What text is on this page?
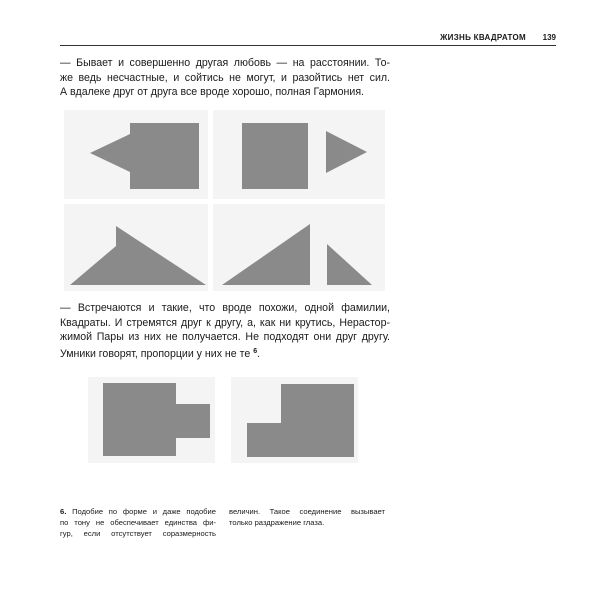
ЖИЗНЬ КВАДРАТОМ 139

— Бывает и совершенно другая любовь — на расстоянии. То-
же ведь несчастные, и сойтись не могут, и разойтись нет сил.
А вдалеке друг от друга все вроде хорошо, полная Гармония.

— Встречаются и такие, что вроде похожи, одной фамилии,
Квадраты. И стремятся друг к другу, а, как ни крутись, Нерастор-
жимой Пары из них не получается. Не подходят они друг другу.
Умники говорят, пропорции у них не те $^6$.

6. Подобие по форме и даже подобие
по тону не обеспечивает единства фи-
гур, если отсутствует соразмерность

величин. Такое соединение вызывает
только раздражение глаза.
